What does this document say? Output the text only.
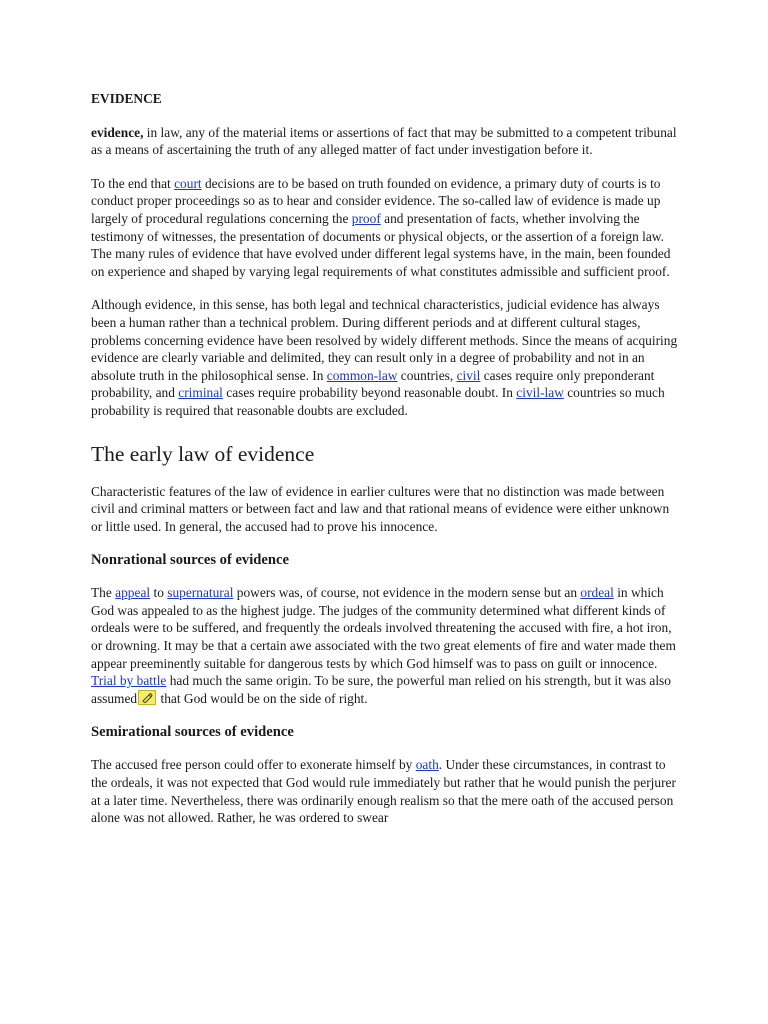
EVIDENCE

evidence, in law, any of the material items or assertions of fact that may be submitted to a competent tribunal as a means of ascertaining the truth of any alleged matter of fact under investigation before it.

To the end that court decisions are to be based on truth founded on evidence, a primary duty of courts is to conduct proper proceedings so as to hear and consider evidence. The so-called law of evidence is made up largely of procedural regulations concerning the proof and presentation of facts, whether involving the testimony of witnesses, the presentation of documents or physical objects, or the assertion of a foreign law. The many rules of evidence that have evolved under different legal systems have, in the main, been founded on experience and shaped by varying legal requirements of what constitutes admissible and sufficient proof.

Although evidence, in this sense, has both legal and technical characteristics, judicial evidence has always been a human rather than a technical problem. During different periods and at different cultural stages, problems concerning evidence have been resolved by widely different methods. Since the means of acquiring evidence are clearly variable and delimited, they can result only in a degree of probability and not in an absolute truth in the philosophical sense. In common-law countries, civil cases require only preponderant probability, and criminal cases require probability beyond reasonable doubt. In civil-law countries so much probability is required that reasonable doubts are excluded.

The early law of evidence

Characteristic features of the law of evidence in earlier cultures were that no distinction was made between civil and criminal matters or between fact and law and that rational means of evidence were either unknown or little used. In general, the accused had to prove his innocence.

Nonrational sources of evidence

The appeal to supernatural powers was, of course, not evidence in the modern sense but an ordeal in which God was appealed to as the highest judge. The judges of the community determined what different kinds of ordeals were to be suffered, and frequently the ordeals involved threatening the accused with fire, a hot iron, or drowning. It may be that a certain awe associated with the two great elements of fire and water made them appear preeminently suitable for dangerous tests by which God himself was to pass on guilt or innocence. Trial by battle had much the same origin. To be sure, the powerful man relied on his strength, but it was also assumed
that God would be on the side of right.

Semirational sources of evidence

The accused free person could offer to exonerate himself by oath. Under these circumstances, in contrast to the ordeals, it was not expected that God would rule immediately but rather that he would punish the perjurer at a later time. Nevertheless, there was ordinarily enough realism so that the mere oath of the accused person alone was not allowed. Rather, he was ordered to swear
